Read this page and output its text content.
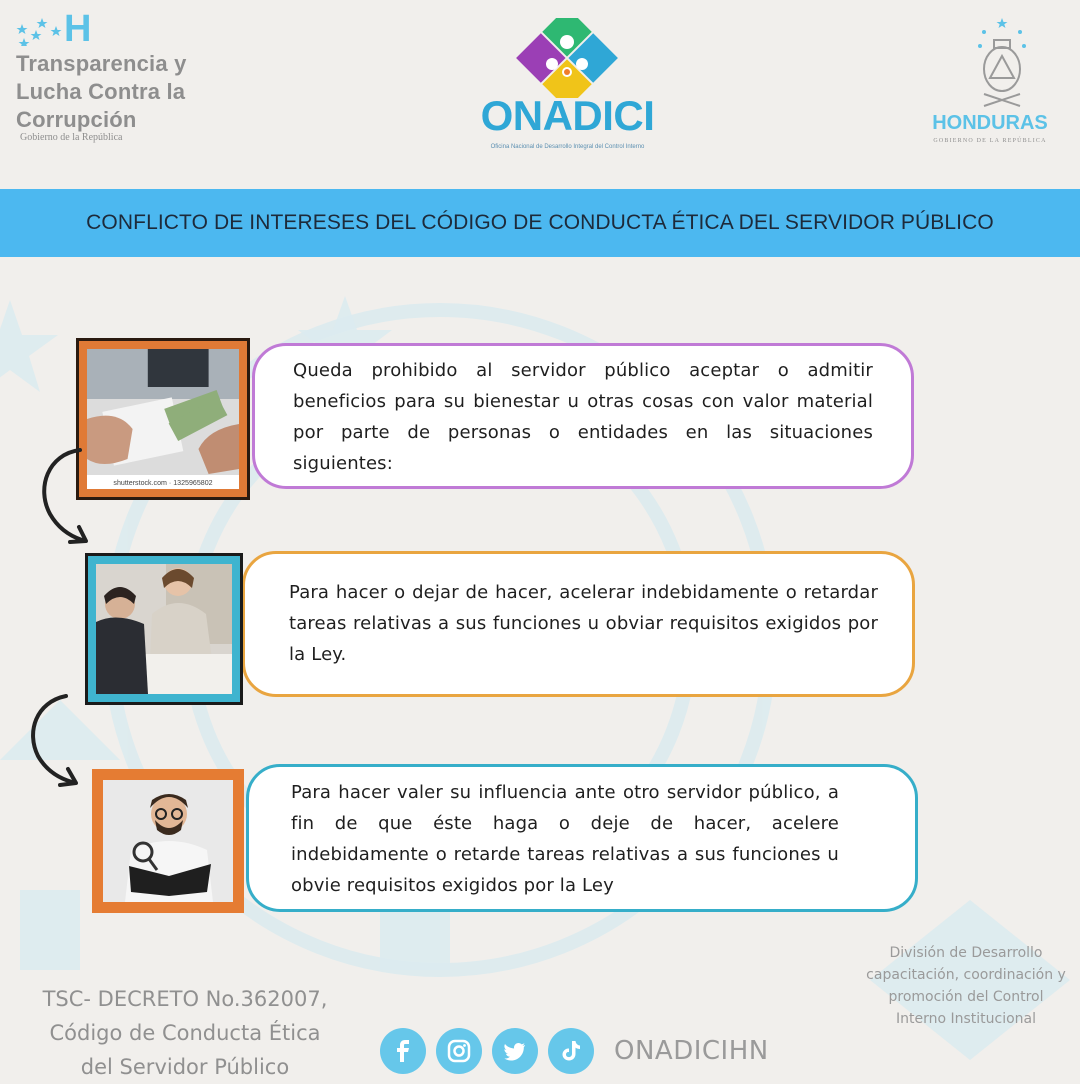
H
Transparencia y
Lucha Contra la
Corrupción
Gobierno de la República	ONADICI
Oficina Nacional de Desarrollo Integral del Control Interno
HONDURAS
GOBIERNO DE LA REPÚBLICA
CONFLICTO DE INTERESES DEL CÓDIGO DE CONDUCTA ÉTICA DEL SERVIDOR PÚBLICO
shutterstock.com · 1325965802

Queda prohibido al servidor público aceptar o admitir beneficios para su bienestar u otras cosas con valor material por parte de personas o entidades en las situaciones siguientes:

Para hacer o dejar de hacer, acelerar indebidamente o retardar tareas relativas a sus funciones u obviar requisitos exigidos por la Ley.

Para hacer valer su influencia ante otro servidor público, a fin de que éste haga o deje de hacer, acelere indebidamente o retarde tareas relativas a sus funciones u obvie requisitos exigidos por la Ley

TSC- DECRETO No.362007,
Código de Conducta Ética
del Servidor Público
División de Desarrollo
capacitación, coordinación y
promoción del Control
Interno Institucional
ONADICIHN
